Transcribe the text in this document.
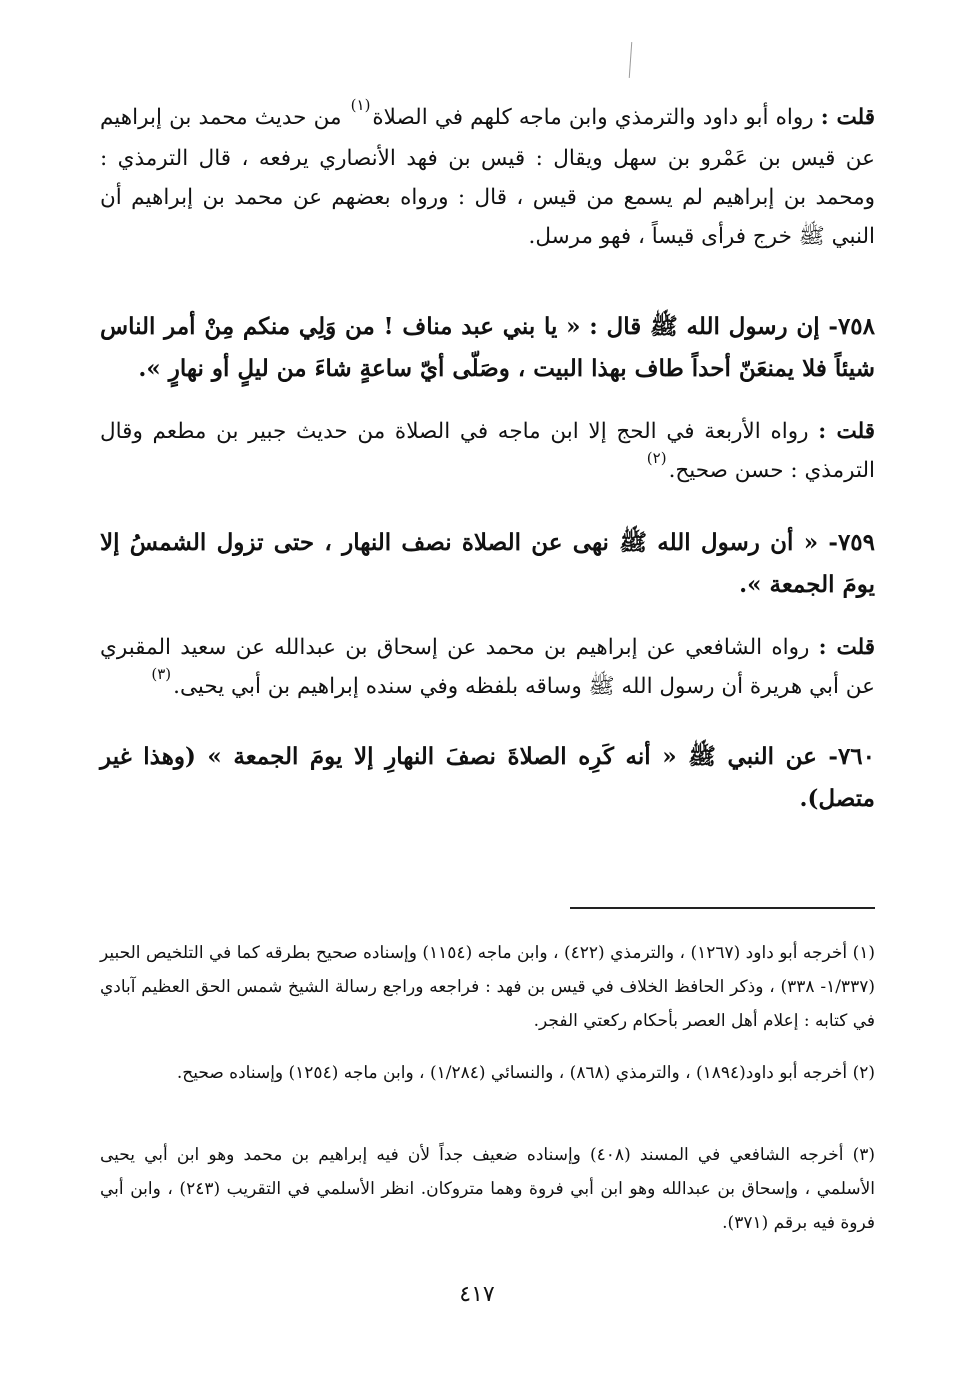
قلت : رواه أبو داود والترمذي وابن ماجه كلهم في الصلاة$^{(١)}$ من حديث محمد بن إبراهيم عن قيس بن عَمْرو بن سهل ويقال : قيس بن فهد الأنصاري يرفعه ، قال الترمذي : ومحمد بن إبراهيم لم يسمع من قيس ، قال : ورواه بعضهم عن محمد بن إبراهيم أن النبي ﷺ خرج فرأى قيساً ، فهو مرسل.
٧٥٨- إن رسول الله ﷺ قال : « يا بني عبد مناف ! من وَلِي منكم مِنْ أمر الناس شيئاً فلا يمنعَنّ أحداً طاف بهذا البيت ، وصَلّى أيّ ساعةٍ شاءَ من ليلٍ أو نهارٍ ».
قلت : رواه الأربعة في الحج إلا ابن ماجه في الصلاة من حديث جبير بن مطعم وقال الترمذي : حسن صحيح.$^{(٢)}$
٧٥٩- « أن رسول الله ﷺ نهى عن الصلاة نصف النهار ، حتى تزول الشمسُ إلا يومَ الجمعة ».
قلت : رواه الشافعي عن إبراهيم بن محمد عن إسحاق بن عبدالله عن سعيد المقبري عن أبي هريرة أن رسول الله ﷺ وساقه بلفظه وفي سنده إبراهيم بن أبي يحيى.$^{(٣)}$
٧٦٠- عن النبي ﷺ « أنه كَرِه الصلاةَ نصفَ النهارِ إلا يومَ الجمعة » (وهذا غير متصل).
(١) أخرجه أبو داود (١٢٦٧) ، والترمذي (٤٢٢) ، وابن ماجه (١١٥٤) وإسناده صحيح بطرقه كما في التلخيص الحبير (١/٣٣٧- ٣٣٨) ، وذكر الحافظ الخلاف في قيس بن فهد : فراجعه وراجع رسالة الشيخ شمس الحق العظيم آبادي في كتابه : إعلام أهل العصر بأحكام ركعتي الفجر.
(٢) أخرجه أبو داود(١٨٩٤) ، والترمذي (٨٦٨) ، والنسائي (١/٢٨٤) ، وابن ماجه (١٢٥٤) وإسناده صحيح.
(٣) أخرجه الشافعي في المسند (٤٠٨) وإسناده ضعيف جداً لأن فيه إبراهيم بن محمد وهو ابن أبي يحيى الأسلمي ، وإسحاق بن عبدالله وهو ابن أبي فروة وهما متروكان. انظر الأسلمي في التقريب (٢٤٣) ، وابن أبي فروة فيه برقم (٣٧١).
٤١٧
